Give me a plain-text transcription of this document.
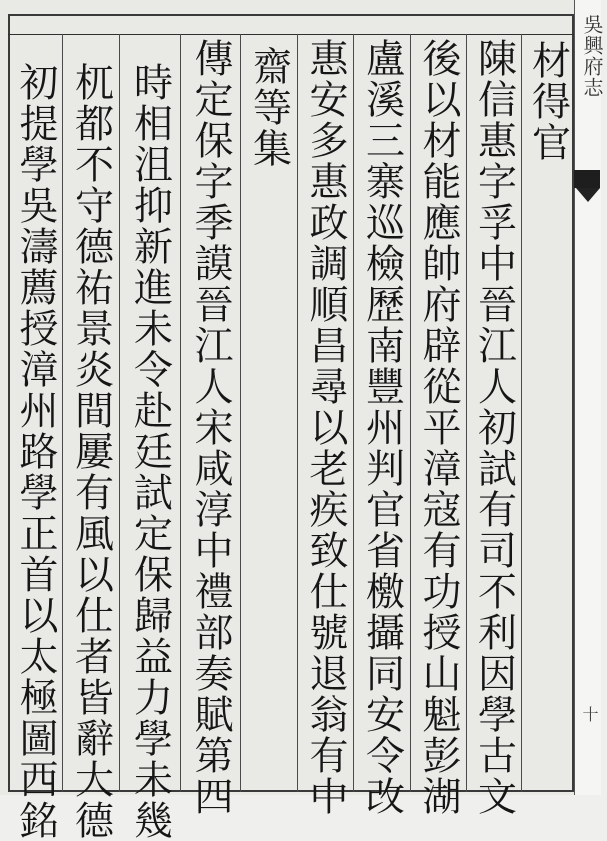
材得官
陳信惠字孚中晉江人初試有司不利因學古文
後以材能應帥府辟從平漳寇有功授山魁彭湖
盧溪三寨巡檢歷南豐州判官省檄攝同安令改
惠安多惠政調順昌尋以老疾致仕號退翁有中
齋等集
傳定保字季謨晉江人宋咸淳中禮部奏賦第四
時相沮抑新進未令赴廷試定保歸益力學未幾
杌都不守德祐景炎間屢有風以仕者皆辭大德
初提學吳濤薦授漳州路學正首以太極圖西銘
吳興府志
十
